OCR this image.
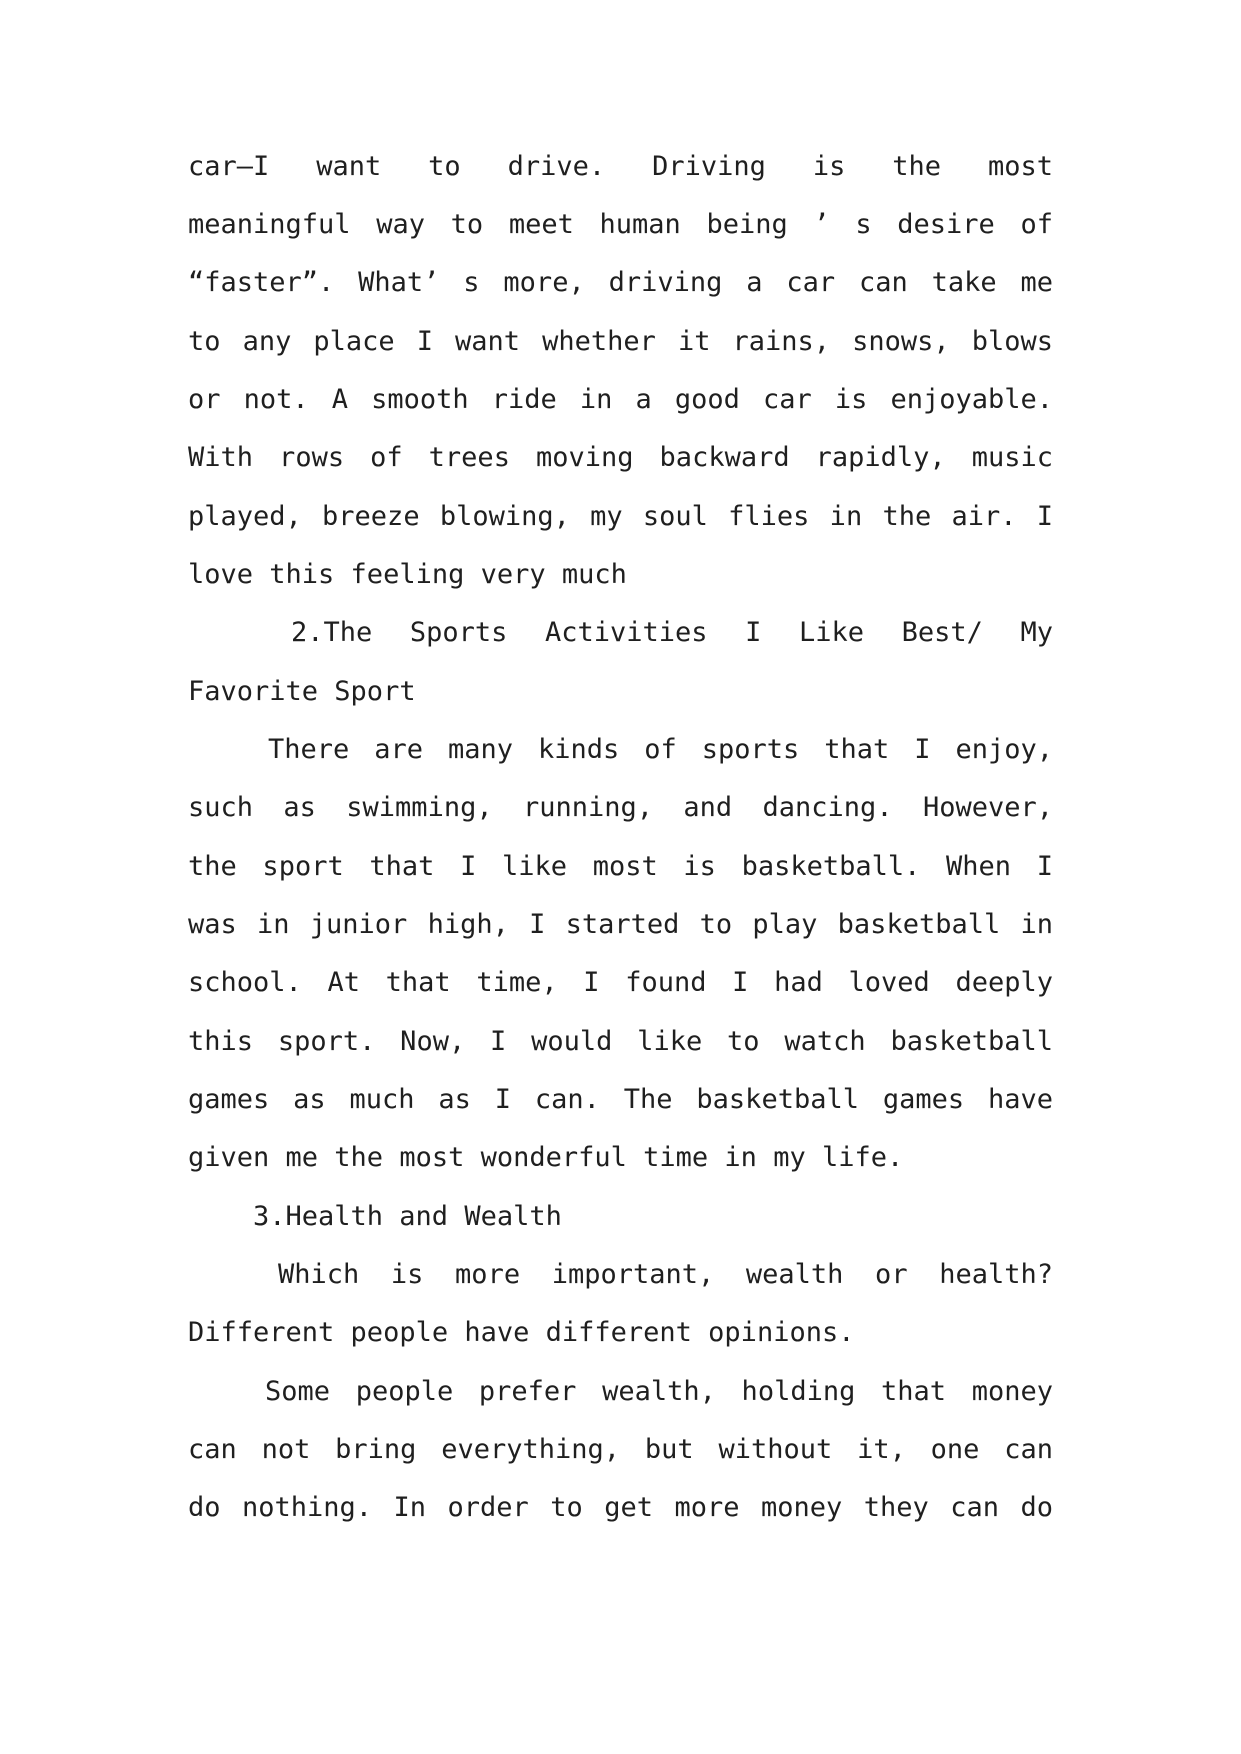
car—I want to drive. Driving is the most
meaningful way to meet human being ’ s desire of
“faster”. What’ s more, driving a car can take me
to any place I want whether it rains, snows, blows
or not. A smooth ride in a good car is enjoyable.
With rows of trees moving backward rapidly, music
played, breeze blowing, my soul flies in the air. I
love this feeling very much
2.The Sports Activities I Like Best/ My
Favorite Sport
There are many kinds of sports that I enjoy,
such as swimming, running, and dancing. However,
the sport that I like most is basketball. When I
was in junior high, I started to play basketball in
school. At that time, I found I had loved deeply
this sport. Now, I would like to watch basketball
games as much as I can. The basketball games have
given me the most wonderful time in my life.
3.Health and Wealth
Which is more important, wealth or health?
Different people have different opinions.
Some people prefer wealth, holding that money
can not bring everything, but without it, one can
do nothing. In order to get more money they can do
